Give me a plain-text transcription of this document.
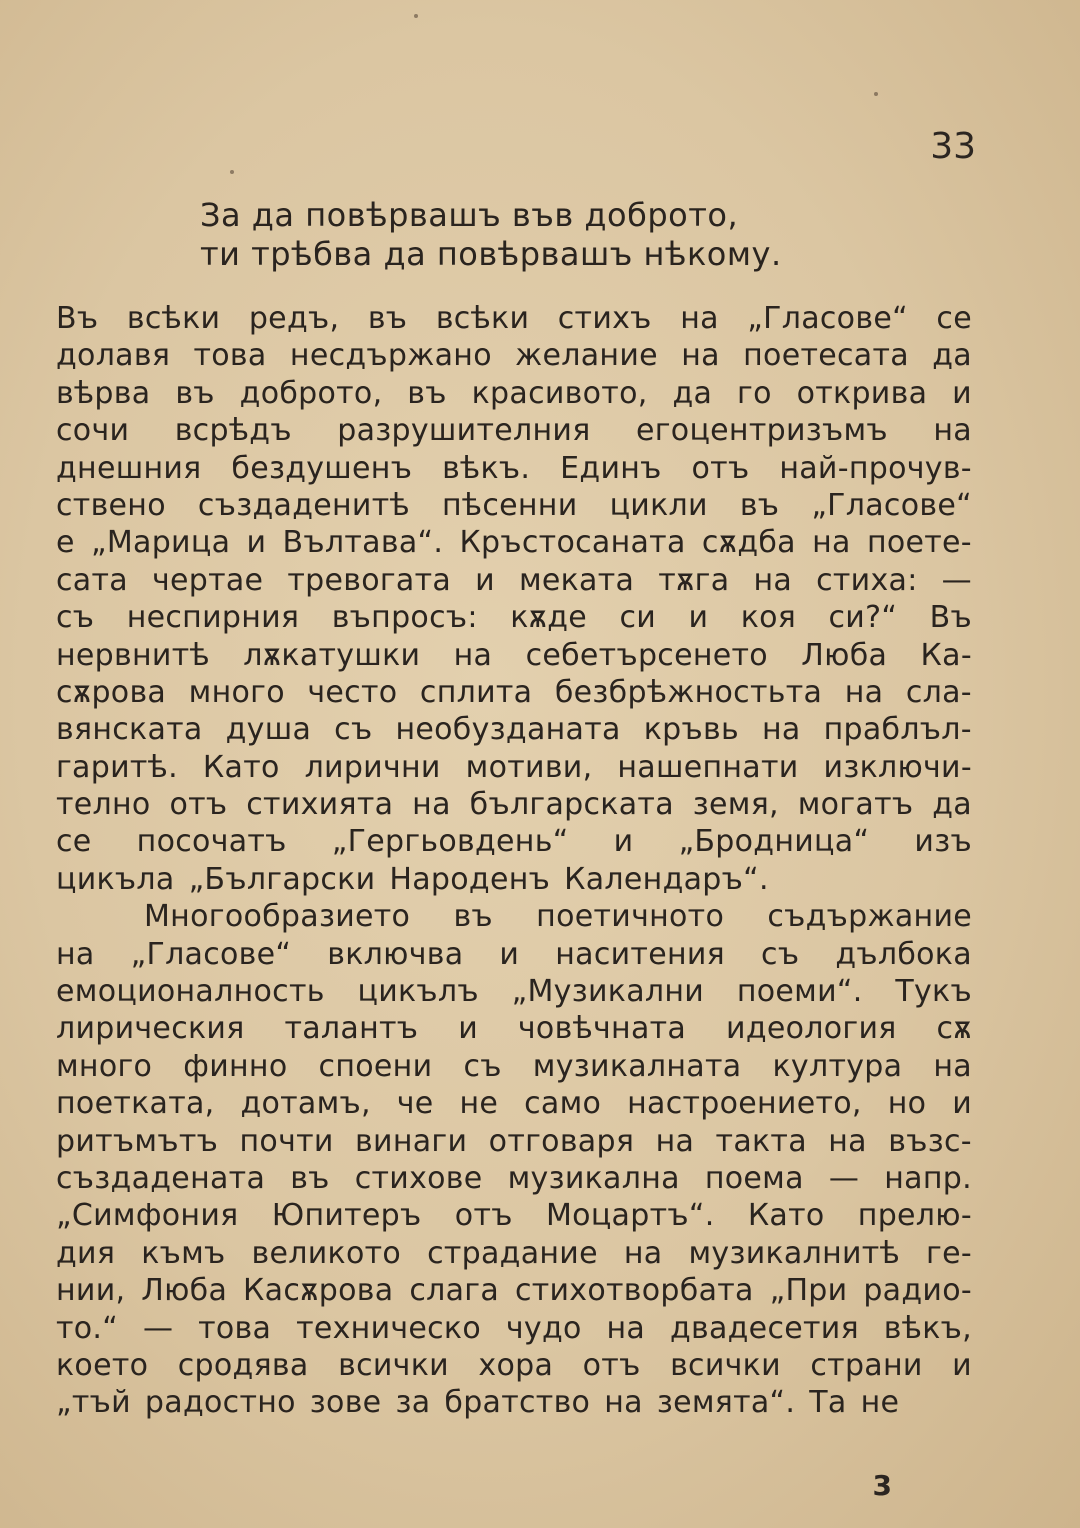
33
За да повѣрвашъ във доброто,
ти трѣбва да повѣрвашъ нѣкому.
Въ всѣки редъ, въ всѣки стихъ на „Гласове“ се
долавя това несдържано желание на поетесата да
вѣрва въ доброто, въ красивото, да го открива и
сочи всрѣдъ разрушителния егоцентризъмъ на
днешния бездушенъ вѣкъ. Единъ отъ най-прочув-
ствено създаденитѣ пѣсенни цикли въ „Гласове“
е „Марица и Вълтава“. Кръстосаната сѫдба на поете-
сата чертае тревогата и меката тѫга на стиха: —
съ неспирния въпросъ: кѫде си и коя си?“ Въ
нервнитѣ лѫкатушки на себетърсенето Люба Ка-
сѫрова много често сплита безбрѣжностьта на сла-
вянската душа съ необузданата кръвь на праблъл-
гаритѣ. Като лирични мотиви, нашепнати изключи-
телно отъ стихията на българската земя, могатъ да
се посочатъ „Гергьовдень“ и „Бродница“ изъ
цикъла „Български Народенъ Календаръ“.
Многообразието въ поетичното съдържание
на „Гласове“ включва и наситения съ дълбока
емоционалность цикълъ „Музикални поеми“. Тукъ
лирическия талантъ и човѣчната идеология сѫ
много финно споени съ музикалната култура на
поетката, дотамъ, че не само настроението, но и
ритъмътъ почти винаги отговаря на такта на възс-
създадената въ стихове музикална поема — напр.
„Симфония Юпитеръ отъ Моцартъ“. Като прелю-
дия къмъ великото страдание на музикалнитѣ ге-
нии, Люба Касѫрова слага стихотворбата „При радио-
то.“ — това техническо чудо на двадесетия вѣкъ,
което сродява всички хора отъ всички страни и
„тъй радостно зове за братство на земята“. Та не
3
